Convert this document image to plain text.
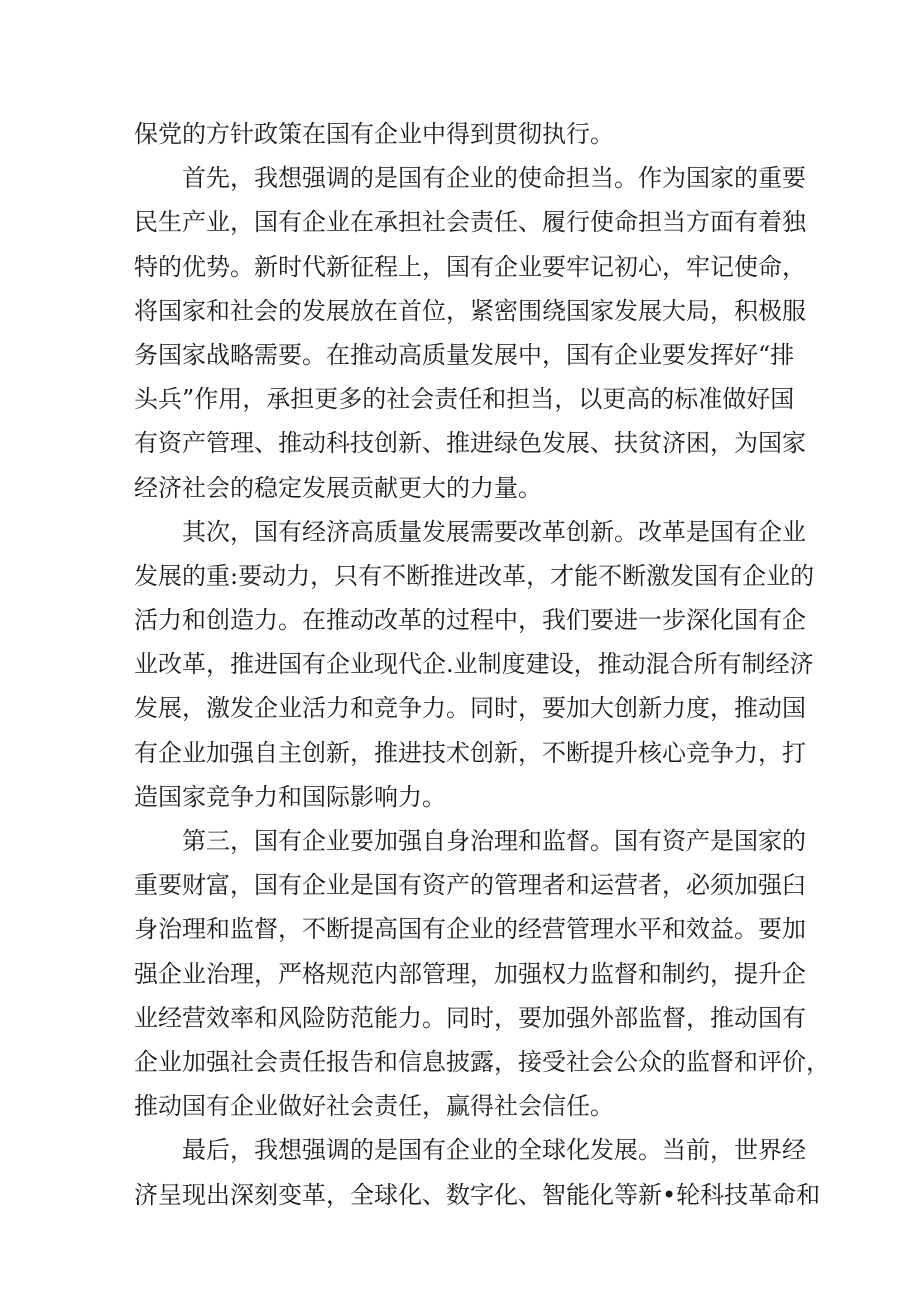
保党的方针政策在国有企业中得到贯彻执行。
首先，我想强调的是国有企业的使命担当。作为国家的重要
民生产业，国有企业在承担社会责任、履行使命担当方面有着独
特的优势。新时代新征程上，国有企业要牢记初心，牢记使命，
将国家和社会的发展放在首位，紧密围绕国家发展大局，积极服
务国家战略需要。在推动高质量发展中，国有企业要发挥好“排
头兵”作用，承担更多的社会责任和担当，以更高的标准做好国
有资产管理、推动科技创新、推进绿色发展、扶贫济困，为国家
经济社会的稳定发展贡献更大的力量。
其次，国有经济高质量发展需要改革创新。改革是国有企业
发展的重:要动力，只有不断推进改革，才能不断激发国有企业的
活力和创造力。在推动改革的过程中，我们要进一步深化国有企
业改革，推进国有企业现代企.业制度建设，推动混合所有制经济
发展，激发企业活力和竞争力。同时，要加大创新力度，推动国
有企业加强自主创新，推进技术创新，不断提升核心竞争力，打
造国家竞争力和国际影响力。
第三，国有企业要加强自身治理和监督。国有资产是国家的
重要财富，国有企业是国有资产的管理者和运营者，必须加强臼
身治理和监督，不断提高国有企业的经营管理水平和效益。要加
强企业治理，严格规范内部管理，加强权力监督和制约，提升企
业经营效率和风险防范能力。同时，要加强外部监督，推动国有
企业加强社会责任报告和信息披露，接受社会公众的监督和评价，
推动国有企业做好社会责任，赢得社会信任。
最后，我想强调的是国有企业的全球化发展。当前，世界经
济呈现出深刻变革，全球化、数字化、智能化等新•轮科技革命和
